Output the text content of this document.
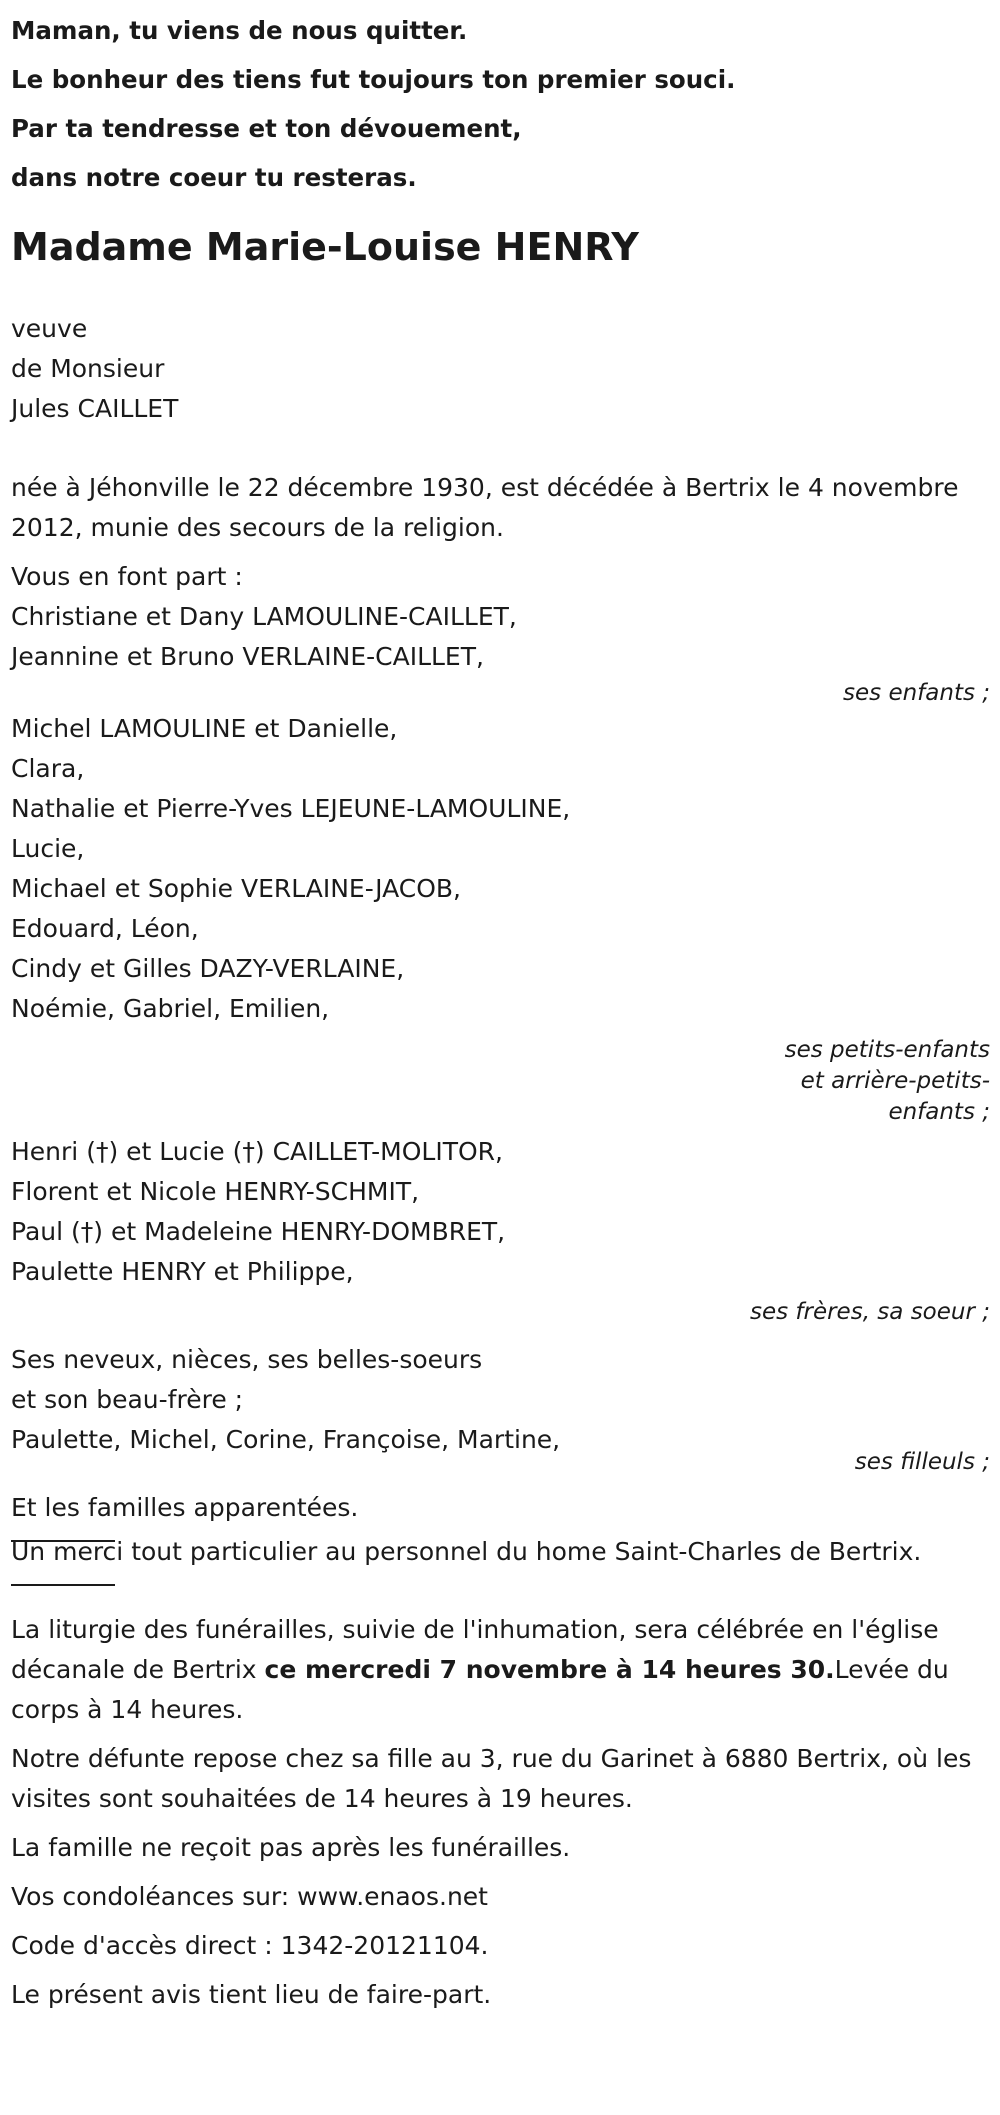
Maman, tu viens de nous quitter.
Le bonheur des tiens fut toujours ton premier souci.
Par ta tendresse et ton dévouement,
dans notre coeur tu resteras.
Madame Marie-Louise HENRY
veuve
de Monsieur
Jules CAILLET
née à Jéhonville le 22 décembre 1930, est décédée à Bertrix le 4 novembre 2012, munie des secours de la religion.
Vous en font part :
Christiane et Dany LAMOULINE-CAILLET,
Jeannine et Bruno VERLAINE-CAILLET,
ses enfants ;
Michel LAMOULINE et Danielle,
Clara,
Nathalie et Pierre-Yves LEJEUNE-LAMOULINE,
Lucie,
Michael et Sophie VERLAINE-JACOB,
Edouard, Léon,
Cindy et Gilles DAZY-VERLAINE,
Noémie, Gabriel, Emilien,
ses petits-enfants et arrière-petits-enfants ;
Henri (†) et Lucie (†) CAILLET-MOLITOR,
Florent et Nicole HENRY-SCHMIT,
Paul (†) et Madeleine HENRY-DOMBRET,
Paulette HENRY et Philippe,
ses frères, sa soeur ;
Ses neveux, nièces, ses belles-soeurs
et son beau-frère ;
Paulette, Michel, Corine, Françoise, Martine,
ses filleuls ;
Et les familles apparentées.
Un merci tout particulier au personnel du home Saint-Charles de Bertrix.
La liturgie des funérailles, suivie de l'inhumation, sera célébrée en l'église décanale de Bertrix ce mercredi 7 novembre à 14 heures 30.Levée du corps à 14 heures.
Notre défunte repose chez sa fille au 3, rue du Garinet à 6880 Bertrix, où les visites sont souhaitées de 14 heures à 19 heures.
La famille ne reçoit pas après les funérailles.
Vos condoléances sur: www.enaos.net
Code d'accès direct : 1342-20121104.
Le présent avis tient lieu de faire-part.
